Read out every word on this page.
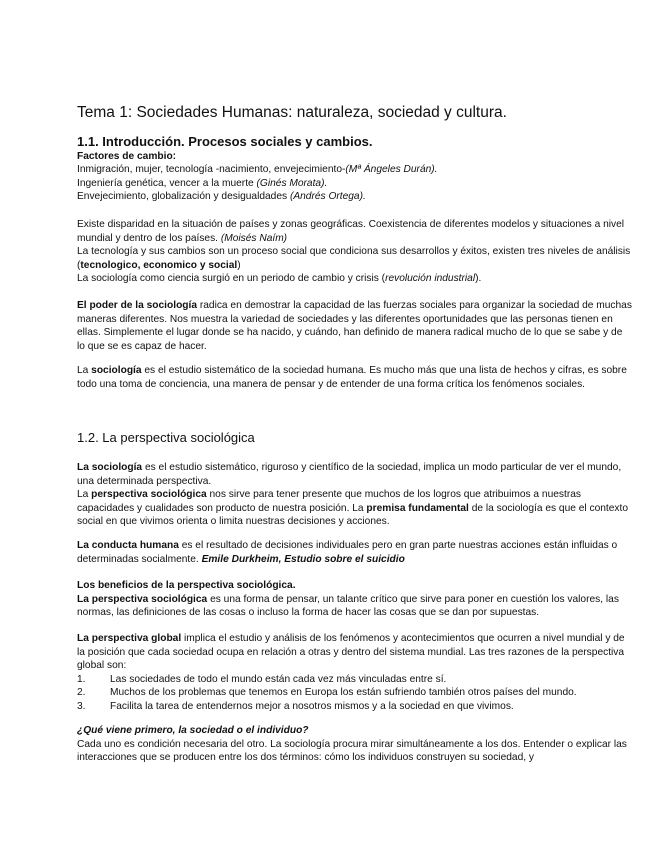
Tema 1: Sociedades Humanas: naturaleza, sociedad y cultura.
1.1. Introducción. Procesos sociales y cambios.

Factores de cambio:

Inmigración, mujer, tecnología -nacimiento, envejecimiento-(Mª Ángeles Durán).

Ingeniería genética, vencer a la muerte (Ginés Morata).

Envejecimiento, globalización y desigualdades (Andrés Ortega).

Existe disparidad en la situación de países y zonas geográficas. Coexistencia de diferentes modelos y situaciones a nivel mundial y dentro de los países. (Moisés Naím)

La tecnología y sus cambios son un proceso social que condiciona sus desarrollos y éxitos, existen tres niveles de análisis (tecnologico, economico y social)

La sociología como ciencia surgió en un periodo de cambio y crisis (revolución industrial).

El poder de la sociología radica en demostrar la capacidad de las fuerzas sociales para organizar la sociedad de muchas maneras diferentes. Nos muestra la variedad de sociedades y las diferentes oportunidades que las personas tienen en ellas. Simplemente el lugar donde se ha nacido, y cuándo, han definido de manera radical mucho de lo que se sabe y de lo que se es capaz de hacer.

La sociología es el estudio sistemático de la sociedad humana. Es mucho más que una lista de hechos y cifras, es sobre todo una toma de conciencia, una manera de pensar y de entender de una forma crítica los fenómenos sociales.

1.2. La perspectiva sociológica

La sociología es el estudio sistemático, riguroso y científico de la sociedad, implica un modo particular de ver el mundo, una determinada perspectiva.

La perspectiva sociológica nos sirve para tener presente que muchos de los logros que atribuimos a nuestras capacidades y cualidades son producto de nuestra posición. La premisa fundamental de la sociología es que el contexto social en que vivimos orienta o limita nuestras decisiones y acciones.

La conducta humana es el resultado de decisiones individuales pero en gran parte nuestras acciones están influidas o determinadas socialmente. Emile Durkheim, Estudio sobre el suicidio

Los beneficios de la perspectiva sociológica.

La perspectiva sociológica es una forma de pensar, un talante crítico que sirve para poner en cuestión los valores, las normas, las definiciones de las cosas o incluso la forma de hacer las cosas que se dan por supuestas.

La perspectiva global implica el estudio y análisis de los fenómenos y acontecimientos que ocurren a nivel mundial y de la posición que cada sociedad ocupa en relación a otras y dentro del sistema mundial. Las tres razones de la perspectiva global son:

1.	Las sociedades de todo el mundo están cada vez más vinculadas entre sí.
2.	Muchos de los problemas que tenemos en Europa los están sufriendo también otros países del mundo.
3.	Facilita la tarea de entendernos mejor a nosotros mismos y a la sociedad en que vivimos.

¿Qué viene primero, la sociedad o el individuo?

Cada uno es condición necesaria del otro. La sociología procura mirar simultáneamente a los dos. Entender o explicar las interacciones que se producen entre los dos términos: cómo los individuos construyen su sociedad, y
